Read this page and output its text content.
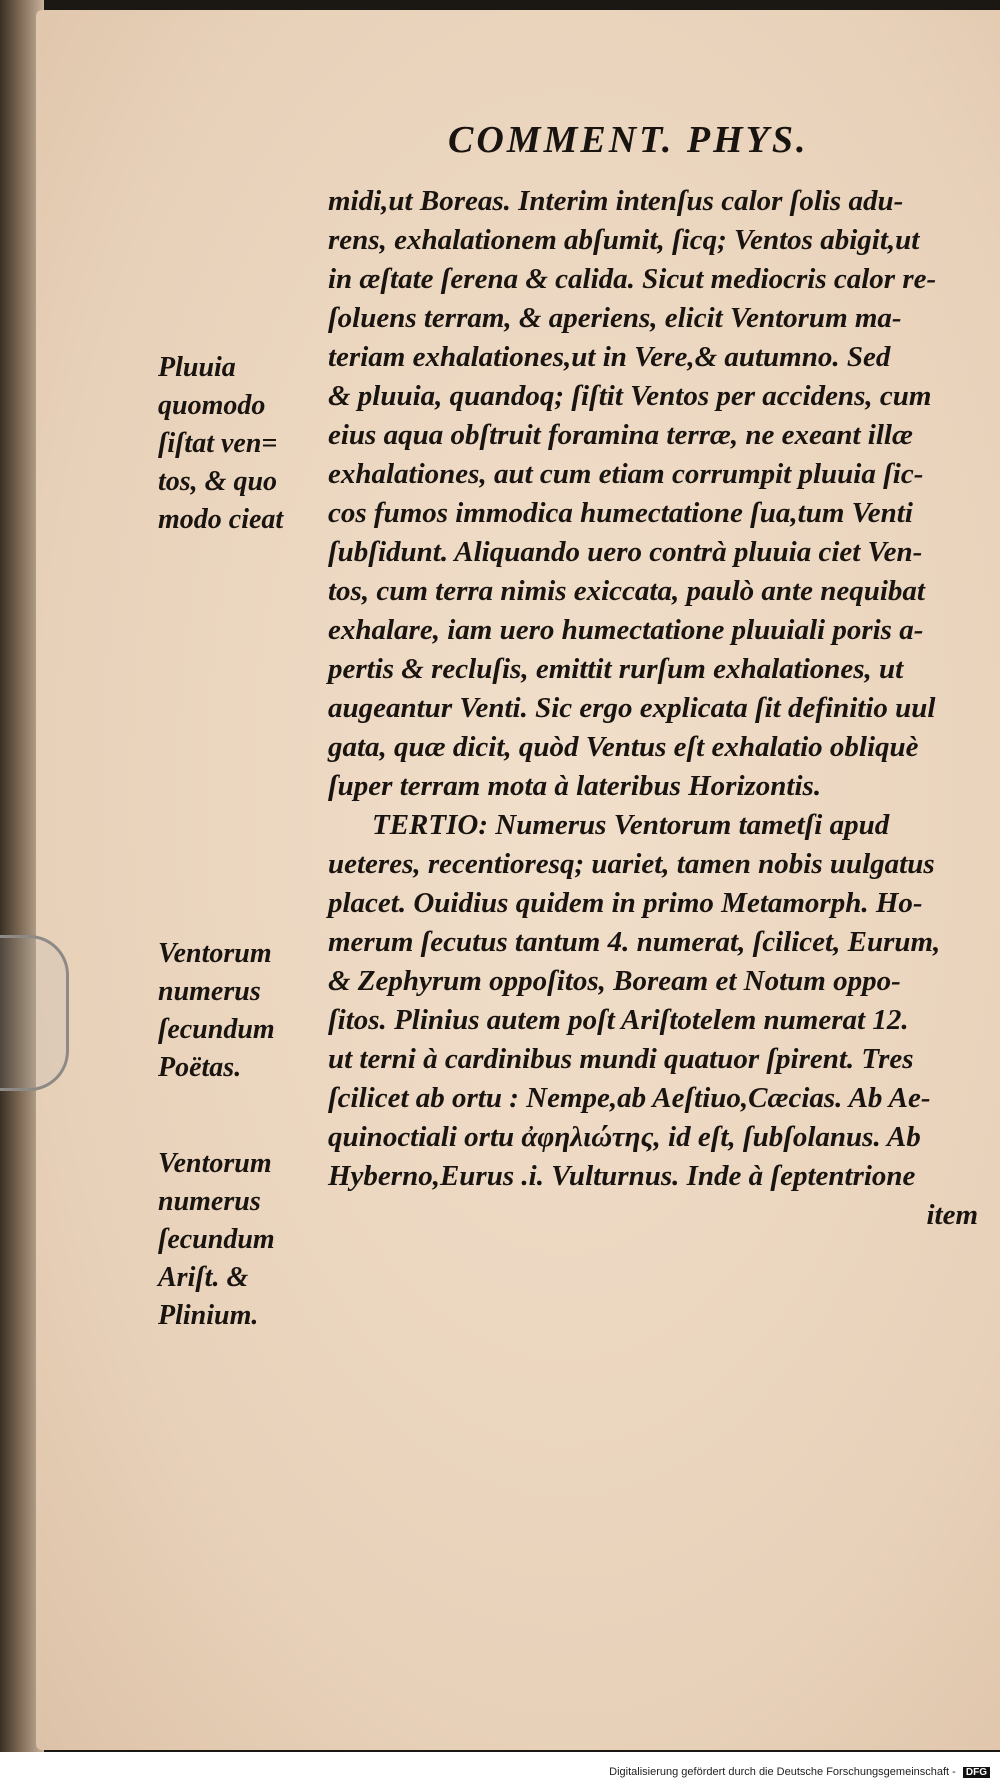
COMMENT. PHYS.
Pluuia
quomodo
ſiſtat ven=
tos, & quo
modo cieat
Ventorum
numerus
ſecundum
Poëtas.
Ventorum
numerus
ſecundum
Ariſt. &
Plinium.
midi,ut Boreas. Interim intenſus calor ſolis adu-
rens, exhalationem abſumit, ſicq; Ventos abigit,ut
in æſtate ſerena & calida. Sicut mediocris calor re-
ſoluens terram, & aperiens, elicit Ventorum ma-
teriam exhalationes,ut in Vere,& autumno. Sed
& pluuia, quandoq; ſiſtit Ventos per accidens, cum
eius aqua obſtruit foramina terræ, ne exeant illæ
exhalationes, aut cum etiam corrumpit pluuia ſic-
cos fumos immodica humectatione ſua,tum Venti
ſubſidunt. Aliquando uero contrà pluuia ciet Ven-
tos, cum terra nimis exiccata, paulò ante nequibat
exhalare, iam uero humectatione pluuiali poris a-
pertis & recluſis, emittit rurſum exhalationes, ut
augeantur Venti. Sic ergo explicata ſit definitio uul
gata, quæ dicit, quòd Ventus eſt exhalatio obliquè
ſuper terram mota à lateribus Horizontis.
TERTIO: Numerus Ventorum tametſi apud
ueteres, recentioresq; uariet, tamen nobis uulgatus
placet. Ouidius quidem in primo Metamorph. Ho-
merum ſecutus tantum 4. numerat, ſcilicet, Eurum,
& Zephyrum oppoſitos, Boream et Notum oppo-
ſitos. Plinius autem poſt Ariſtotelem numerat 12.
ut terni à cardinibus mundi quatuor ſpirent. Tres
ſcilicet ab ortu : Nempe,ab Aeſtiuo,Cæcias. Ab Ae-
quinoctiali ortu ἀφηλιώτης, id eſt, ſubſolanus. Ab
Hyberno,Eurus .i. Vulturnus. Inde à ſeptentrione
item
Digitalisierung gefördert durch die Deutsche Forschungsgemeinschaft - DFG
